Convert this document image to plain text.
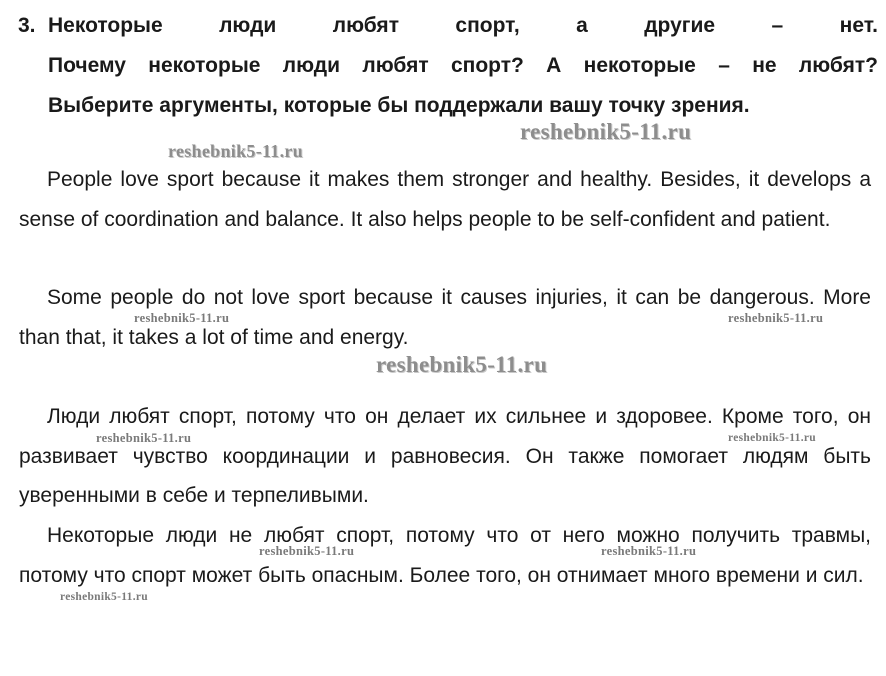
3. Некоторые люди любят спорт, а другие – нет.
Почему некоторые люди любят спорт? А некоторые – не любят?
Выберите аргументы, которые бы поддержали вашу точку зрения.

People love sport because it makes them stronger and healthy. Besides, it develops a sense of coordination and balance. It also helps people to be self-confident and patient.

Some people do not love sport because it causes injuries, it can be dangerous. More than that, it takes a lot of time and energy.

Люди любят спорт, потому что он делает их сильнее и здоровее. Кроме того, он развивает чувство координации и равновесия. Он также помогает людям быть уверенными в себе и терпеливыми.

Некоторые люди не любят спорт, потому что от него можно получить травмы, потому что спорт может быть опасным. Более того, он отнимает много времени и сил.

reshebnik5-11.ru
reshebnik5-11.ru
reshebnik5-11.ru	reshebnik5-11.ru
reshebnik5-11.ru
reshebnik5-11.ru	reshebnik5-11.ru
reshebnik5-11.ru	reshebnik5-11.ru
reshebnik5-11.ru
